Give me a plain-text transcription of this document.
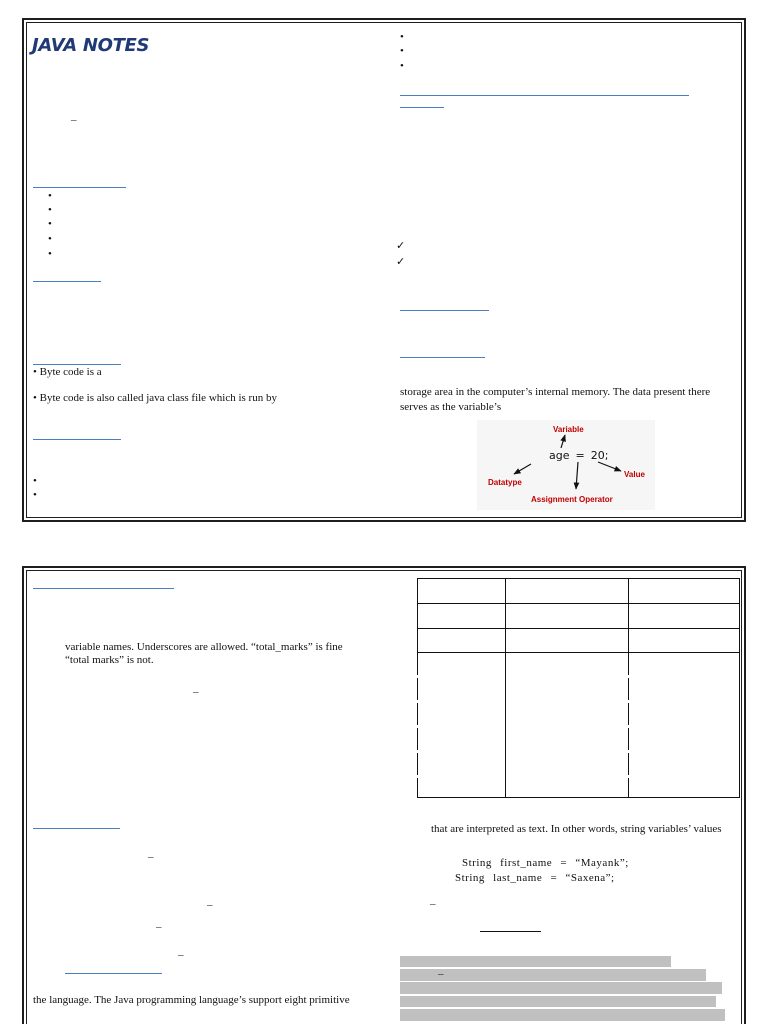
JAVA NOTES
–
•
•
•
•
•
• Byte code is a
• Byte code is also called java class file which is run by
•
•
•
•
•
✓
✓
storage area in the computer’s internal memory. The data present there
serves as the variable’s
Variable
age = 20;
Datatype
Value
Assignment Operator
variable names. Underscores are allowed. “total_marks” is fine
“total marks” is not.
–
–
–
–
–
the language. The Java programming language’s support eight primitive
that are interpreted as text. In other words, string variables’ values
String first_name = “Mayank”;
String last_name = “Saxena”;
–
–
